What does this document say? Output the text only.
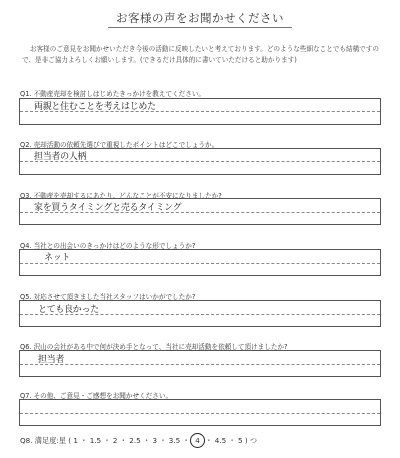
お客様の声をお聞かせください

お客様のご意見をお聞かせいただき今後の活動に反映したいと考えております。どのような些細なことでも結構ですので、是非ご協力よろしくお願いします。(できるだけ具体的に書いていただけると助かります)

Q1. 不動産売却を検討しはじめたきっかけを教えてください。
両親と住むことを考えはじめた
Q2. 売却活動の依頼先選びで重視したポイントはどこでしょうか。
担当者の人柄
Q3. 不動産を売却するにあたり、どんなことが不安になりましたか?
家を買うタイミングと売るタイミング
Q4. 当社との出会いのきっかけはどのような形でしょうか?
ネット
Q5. 対応させて頂きました当社スタッフはいかがでしたか?
とても良かった
Q6. 沢山の会社がある中で何が決め手となって、当社に売却活動を依頼して頂けましたか?
担当者
Q7. その他、ご意見・ご感想をお聞かせください。
Q8. 満足度:星 ( 1 ・ 1.5 ・ 2 ・ 2.5 ・ 3 ・ 3.5 ・ 4 ・ 4.5 ・ 5 ) つ
